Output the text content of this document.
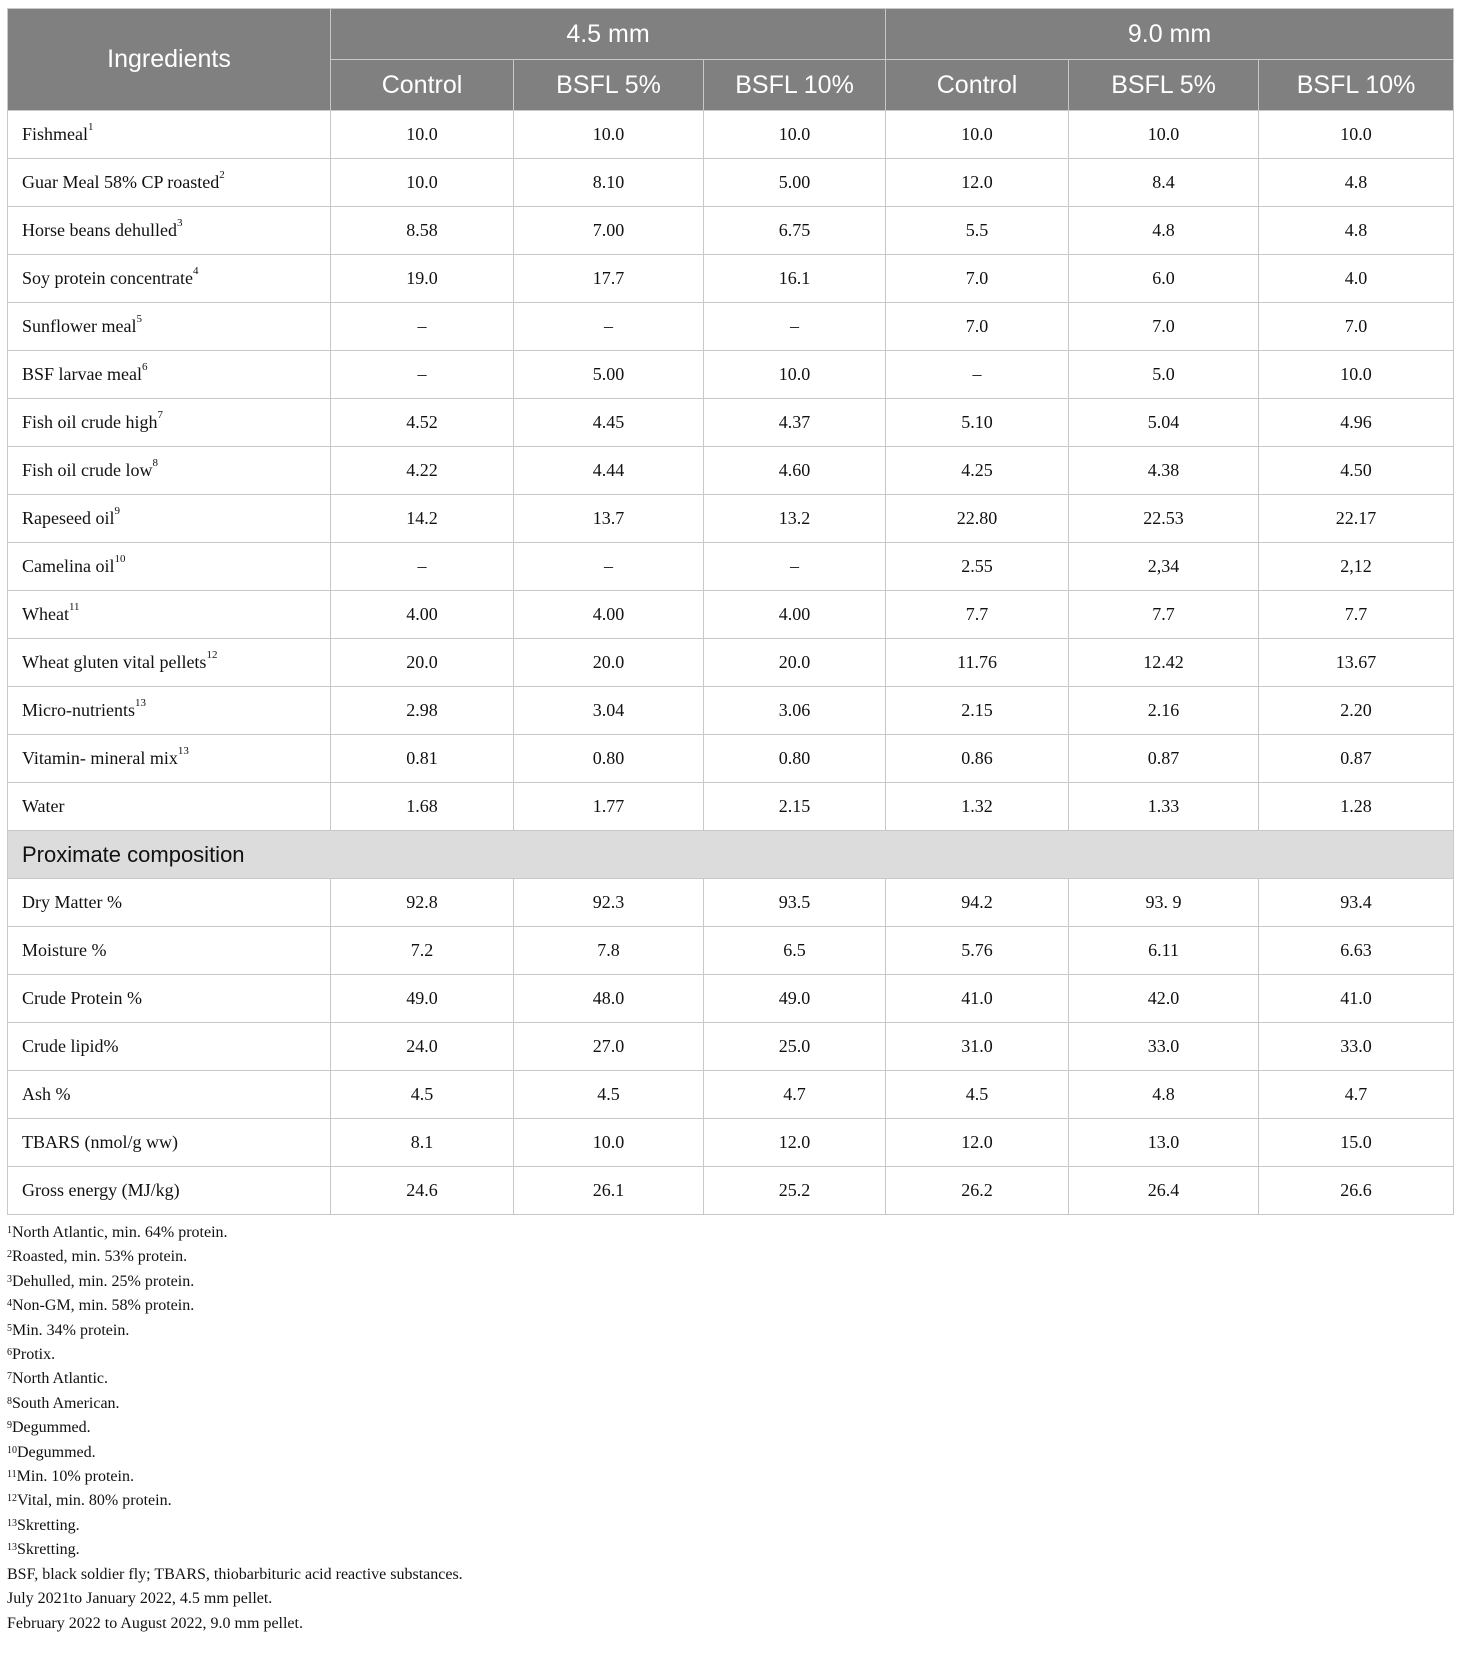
Ingredients	4.5 mm			9.0 mm		
	Control	BSFL 5%	BSFL 10%	Control	BSFL 5%	BSFL 10%
Fishmeal$^1$	10.0	10.0	10.0	10.0	10.0	10.0
Guar Meal 58% CP roasted$^2$	10.0	8.10	5.00	12.0	8.4	4.8
Horse beans dehulled$^3$	8.58	7.00	6.75	5.5	4.8	4.8
Soy protein concentrate$^4$	19.0	17.7	16.1	7.0	6.0	4.0
Sunflower meal$^5$	–	–	–	7.0	7.0	7.0
BSF larvae meal$^6$	–	5.00	10.0	–	5.0	10.0
Fish oil crude high$^7$	4.52	4.45	4.37	5.10	5.04	4.96
Fish oil crude low$^8$	4.22	4.44	4.60	4.25	4.38	4.50
Rapeseed oil$^9$	14.2	13.7	13.2	22.80	22.53	22.17
Camelina oil$^{10}$	–	–	–	2.55	2,34	2,12
Wheat$^{11}$	4.00	4.00	4.00	7.7	7.7	7.7
Wheat gluten vital pellets$^{12}$	20.0	20.0	20.0	11.76	12.42	13.67
Micro-nutrients$^{13}$	2.98	3.04	3.06	2.15	2.16	2.20
Vitamin- mineral mix$^{13}$	0.81	0.80	0.80	0.86	0.87	0.87
Water	1.68	1.77	2.15	1.32	1.33	1.28
Proximate composition						
Dry Matter %	92.8	92.3	93.5	94.2	93. 9	93.4
Moisture %	7.2	7.8	6.5	5.76	6.11	6.63
Crude Protein %	49.0	48.0	49.0	41.0	42.0	41.0
Crude lipid%	24.0	27.0	25.0	31.0	33.0	33.0
Ash %	4.5	4.5	4.7	4.5	4.8	4.7
TBARS (nmol/g ww)	8.1	10.0	12.0	12.0	13.0	15.0
Gross energy (MJ/kg)	24.6	26.1	25.2	26.2	26.4	26.6
$^1$North Atlantic, min. 64% protein.
$^2$Roasted, min. 53% protein.
$^3$Dehulled, min. 25% protein.
$^4$Non-GM, min. 58% protein.
$^5$Min. 34% protein.
$^6$Protix.
$^7$North Atlantic.
$^8$South American.
$^9$Degummed.
$^{10}$Degummed.
$^{11}$Min. 10% protein.
$^{12}$Vital, min. 80% protein.
$^{13}$Skretting.
$^{13}$Skretting.
BSF, black soldier fly; TBARS, thiobarbituric acid reactive substances.
July 2021to January 2022, 4.5 mm pellet.
February 2022 to August 2022, 9.0 mm pellet.
